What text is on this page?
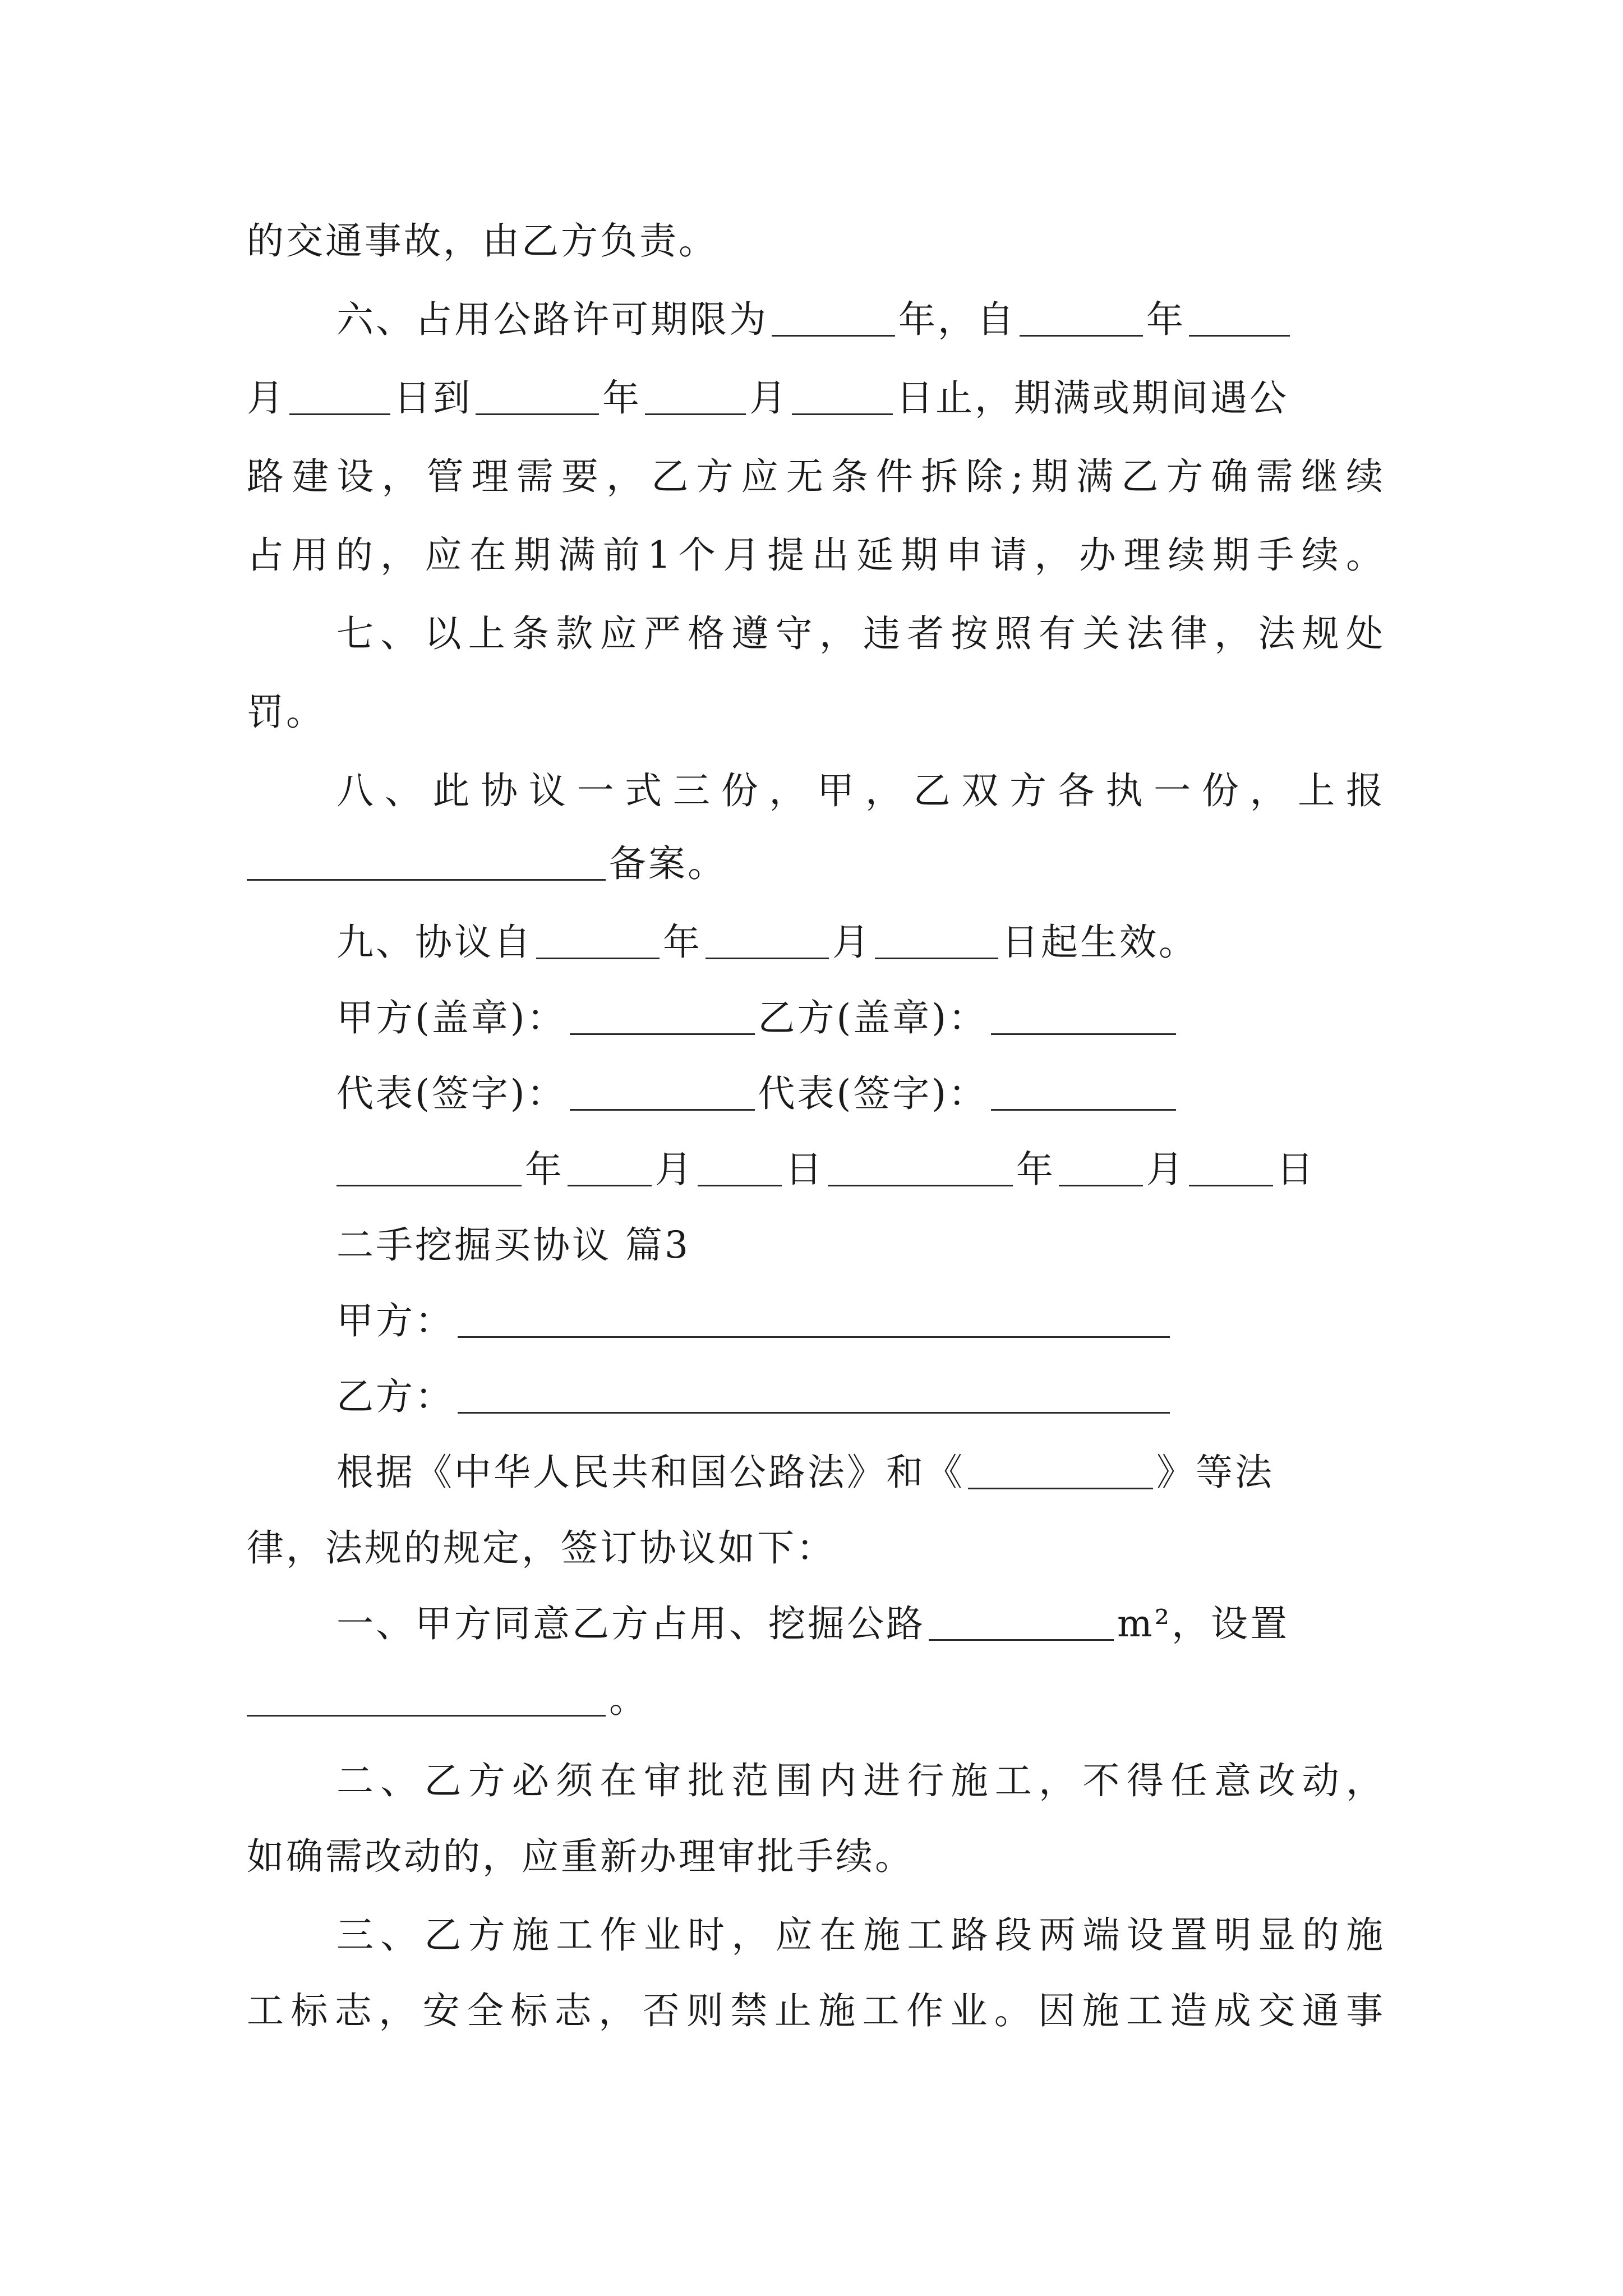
的交通事故，由乙方负责。
六、占用公路许可期限为	年，自	年
月	日到	年	月	日止，期满或期间遇公
路建设，管理需要，乙方应无条件拆除;期满乙方确需继续
占用的，应在期满前1个月提出延期申请，办理续期手续。
七、以上条款应严格遵守，违者按照有关法律，法规处
罚。
八、此协议一式三份，甲，乙双方各执一份，上报
备案。
九、协议自	年	月	日起生效。
甲方(盖章)：	乙方(盖章)：
代表(签字)：	代表(签字)：
年 月 日	年 月 日
二手挖掘买协议 篇3
甲方：
乙方：
根据《中华人民共和国公路法》和《	》等法
律，法规的规定，签订协议如下：
一、甲方同意乙方占用、挖掘公路	m²，设置
。
二、乙方必须在审批范围内进行施工，不得任意改动，
如确需改动的，应重新办理审批手续。
三、乙方施工作业时，应在施工路段两端设置明显的施
工标志，安全标志，否则禁止施工作业。因施工造成交通事
